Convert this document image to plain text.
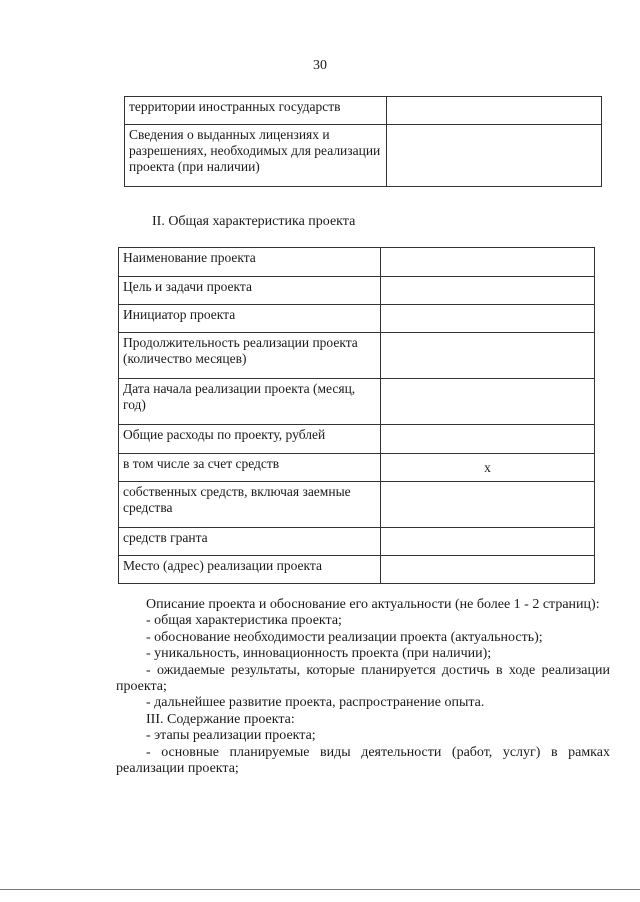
30
территории иностранных государств	
Сведения о выданных лицензиях и разрешениях, необходимых для реализации проекта (при наличии)	
II. Общая характеристика проекта
Наименование проекта	
Цель и задачи проекта	
Инициатор проекта	
Продолжительность реализации проекта (количество месяцев)	
Дата начала реализации проекта (месяц, год)	
Общие расходы по проекту, рублей	
в том числе за счет средств	х
собственных средств, включая заемные средства	
средств гранта	
Место (адрес) реализации проекта	

Описание проекта и обоснование его актуальности (не более 1 - 2 страниц):

- общая характеристика проекта;

- обоснование необходимости реализации проекта (актуальность);

- уникальность, инновационность проекта (при наличии);

- ожидаемые результаты, которые планируется достичь в ходе реализации проекта;

- дальнейшее развитие проекта, распространение опыта.

III. Содержание проекта:

- этапы реализации проекта;

- основные планируемые виды деятельности (работ, услуг) в рамках реализации проекта;
